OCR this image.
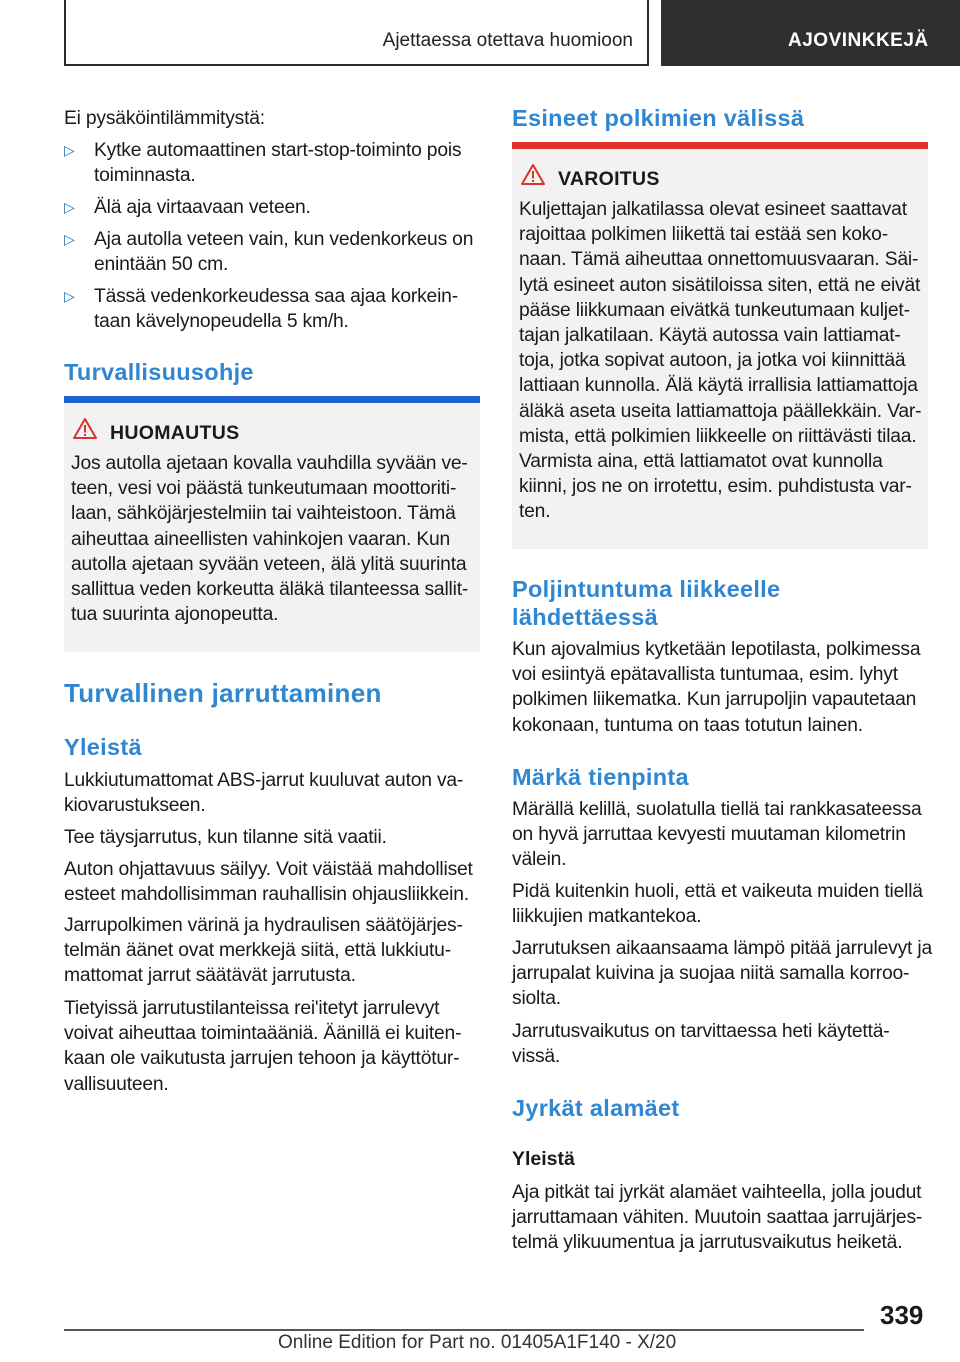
Ajettaessa otettava huomioon	AJOVINKKEJÄ

Ei pysäköintilämmitystä:

▷ Kytke automaattinen start-stop-toiminto pois toiminnasta.
▷ Älä aja virtaavaan veteen.
▷ Aja autolla veteen vain, kun vedenkorkeus on enintään 50 cm.
▷ Tässä vedenkorkeudessa saa ajaa korkeintaan kävelynopeudella 5 km/h.
Turvallisuusohje
HUOMAUTUS
Jos autolla ajetaan kovalla vauhdilla syvään veteen, vesi voi päästä tunkeutumaan moottoritilaan, sähköjärjestelmiin tai vaihteistoon. Tämä aiheuttaa aineellisten vahinkojen vaaran. Kun autolla ajetaan syvään veteen, älä ylitä suurinta sallittua veden korkeutta äläkä tilanteessa sallittua suurinta ajonopeutta.
Turvallinen jarruttaminen
Yleistä

Lukkiutumattomat ABS-jarrut kuuluvat auton vakiovarustukseen.

Tee täysjarrutus, kun tilanne sitä vaatii.

Auton ohjattavuus säilyy. Voit väistää mahdolliset esteet mahdollisimman rauhallisin ohjausliikkein.

Jarrupolkimen värinä ja hydraulisen säätöjärjestelmän äänet ovat merkkejä siitä, että lukkiutumattomat jarrut säätävät jarrutusta.

Tietyissä jarrutustilanteissa rei'itetyt jarrulevyt voivat aiheuttaa toimintaääniä. Äänillä ei kuitenkaan ole vaikutusta jarrujen tehoon ja käyttöturvallisuuteen.

Esineet polkimien välissä
VAROITUS
Kuljettajan jalkatilassa olevat esineet saattavat rajoittaa polkimen liikettä tai estää sen kokonaan. Tämä aiheuttaa onnettomuusvaaran. Säilytä esineet auton sisätiloissa siten, että ne eivät pääse liikkumaan eivätkä tunkeutumaan kuljettajan jalkatilaan. Käytä autossa vain lattiamattoja, jotka sopivat autoon, ja jotka voi kiinnittää lattiaan kunnolla. Älä käytä irrallisia lattiamattoja äläkä aseta useita lattiamattoja päällekkäin. Varmista, että polkimien liikkeelle on riittävästi tilaa. Varmista aina, että lattiamatot ovat kunnolla kiinni, jos ne on irrotettu, esim. puhdistusta varten.
Poljintuntuma liikkeelle
lähdettäessä

Kun ajovalmius kytketään lepotilasta, polkimessa voi esiintyä epätavallista tuntumaa, esim. lyhyt polkimen liikematka. Kun jarrupoljin vapautetaan kokonaan, tuntuma on taas totutun lainen.

Märkä tienpinta

Märällä kelillä, suolatulla tiellä tai rankkasateessa on hyvä jarruttaa kevyesti muutaman kilometrin välein.

Pidä kuitenkin huoli, että et vaikeuta muiden tiellä liikkujien matkantekoa.

Jarrutuksen aikaansaama lämpö pitää jarrulevyt ja jarrupalat kuivina ja suojaa niitä samalla korroosiolta.

Jarrutusvaikutus on tarvittaessa heti käytettävissä.

Jyrkät alamäet
Yleistä

Aja pitkät tai jyrkät alamäet vaihteella, jolla joudut jarruttamaan vähiten. Muutoin saattaa jarrujärjestelmä ylikuumentua ja jarrutusvaikutus heiketä.

339
Online Edition for Part no. 01405A1F140 - X/20
